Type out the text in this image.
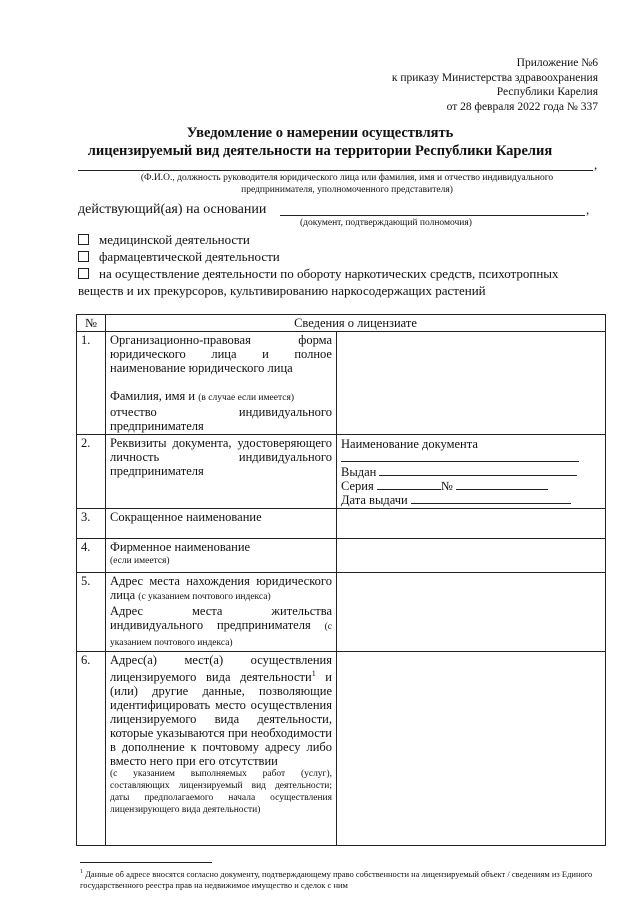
Приложение №6
к приказу Министерства здравоохранения
Республики Карелия
от 28 февраля 2022 года № 337
Уведомление о намерении осуществлять
лицензируемый вид деятельности на территории Республики Карелия
,
(Ф.И.О., должность руководителя юридического лица или фамилия, имя и отчество индивидуального
предпринимателя, уполномоченного представителя)
действующий(ая) на основании	,
(документ, подтверждающий полномочия)
медицинской деятельности
фармацевтической деятельности
на осуществление деятельности по обороту наркотических средств, психотропных
веществ и их прекурсоров, культивированию наркосодержащих растений
№	Сведения о лицензиате	
1.	Организационно-правовая форма юридического лица и полное наименование юридического лица
Фамилия, имя и (в случае если имеется)
отчество индивидуального предпринимателя	

2.	Реквизиты документа, удостоверяющего личность индивидуального предпринимателя	Наименование документа
Выдан
Серия №
Дата выдачи

3.	Сокращенное наименование	
4.	Фирменное наименование
(если имеется)	

5.	Адрес места нахождения юридического лица (с указанием почтового индекса)
Адрес места жительства индивидуального предпринимателя (с указанием почтового индекса)	

6.	Адрес(а) мест(а) осуществления лицензируемого вида деятельности$^1$ и (или) другие данные, позволяющие идентифицировать место осуществления лицензируемого вида деятельности, которые указываются при необходимости в дополнение к почтовому адресу либо вместо него при его отсутствии
(с указанием выполняемых работ (услуг), составляющих лицензируемый вид деятельности; даты предполагаемого начала осуществления лицензирующего вида деятельности)	

$^1$ Данные об адресе вносятся согласно документу, подтверждающему право собственности на лицензируемый объект / сведениям из Единого государственного реестра прав на недвижимое имущество и сделок с ним
